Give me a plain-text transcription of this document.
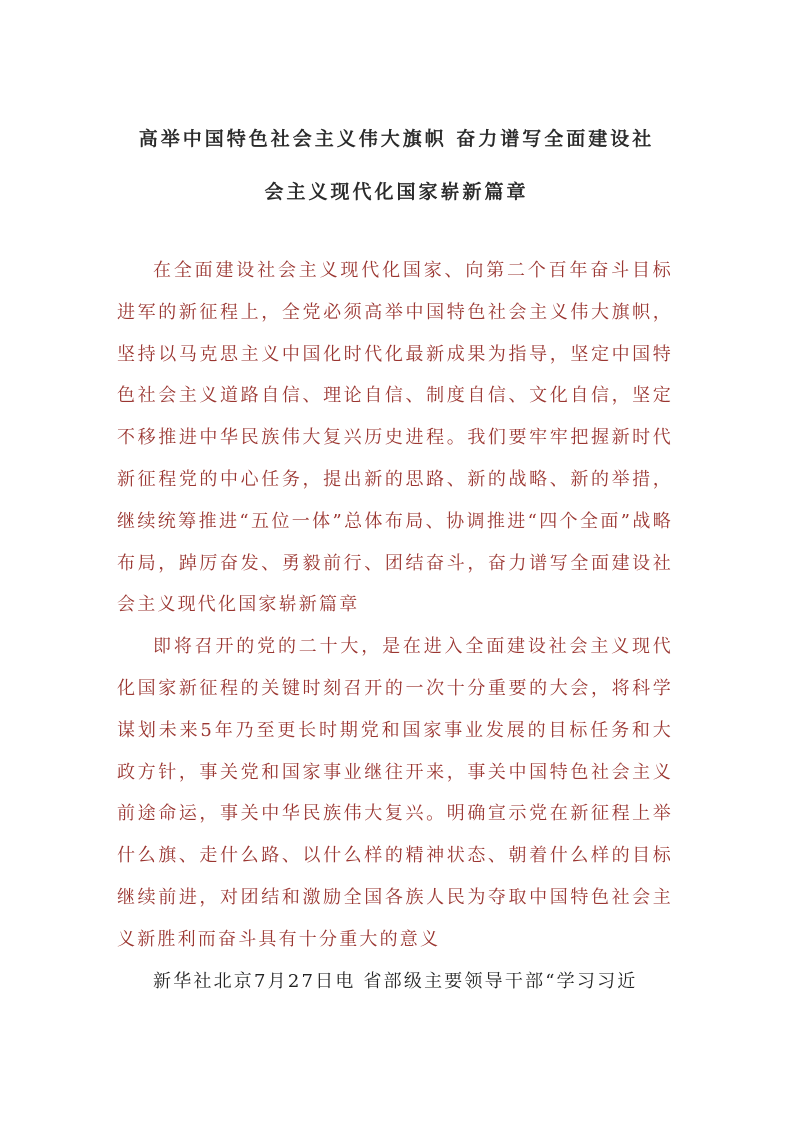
高举中国特色社会主义伟大旗帜 奋力谱写全面建设社
会主义现代化国家崭新篇章

在全面建设社会主义现代化国家、向第二个百年奋斗目标进军的新征程上，全党必须高举中国特色社会主义伟大旗帜，坚持以马克思主义中国化时代化最新成果为指导，坚定中国特色社会主义道路自信、理论自信、制度自信、文化自信，坚定不移推进中华民族伟大复兴历史进程。我们要牢牢把握新时代新征程党的中心任务，提出新的思路、新的战略、新的举措，继续统筹推进“五位一体”总体布局、协调推进“四个全面”战略布局，踔厉奋发、勇毅前行、团结奋斗，奋力谱写全面建设社会主义现代化国家崭新篇章

即将召开的党的二十大，是在进入全面建设社会主义现代化国家新征程的关键时刻召开的一次十分重要的大会，将科学谋划未来5年乃至更长时期党和国家事业发展的目标任务和大政方针，事关党和国家事业继往开来，事关中国特色社会主义前途命运，事关中华民族伟大复兴。明确宣示党在新征程上举什么旗、走什么路、以什么样的精神状态、朝着什么样的目标继续前进，对团结和激励全国各族人民为夺取中国特色社会主义新胜利而奋斗具有十分重大的意义

新华社北京7月27日电 省部级主要领导干部“学习习近
